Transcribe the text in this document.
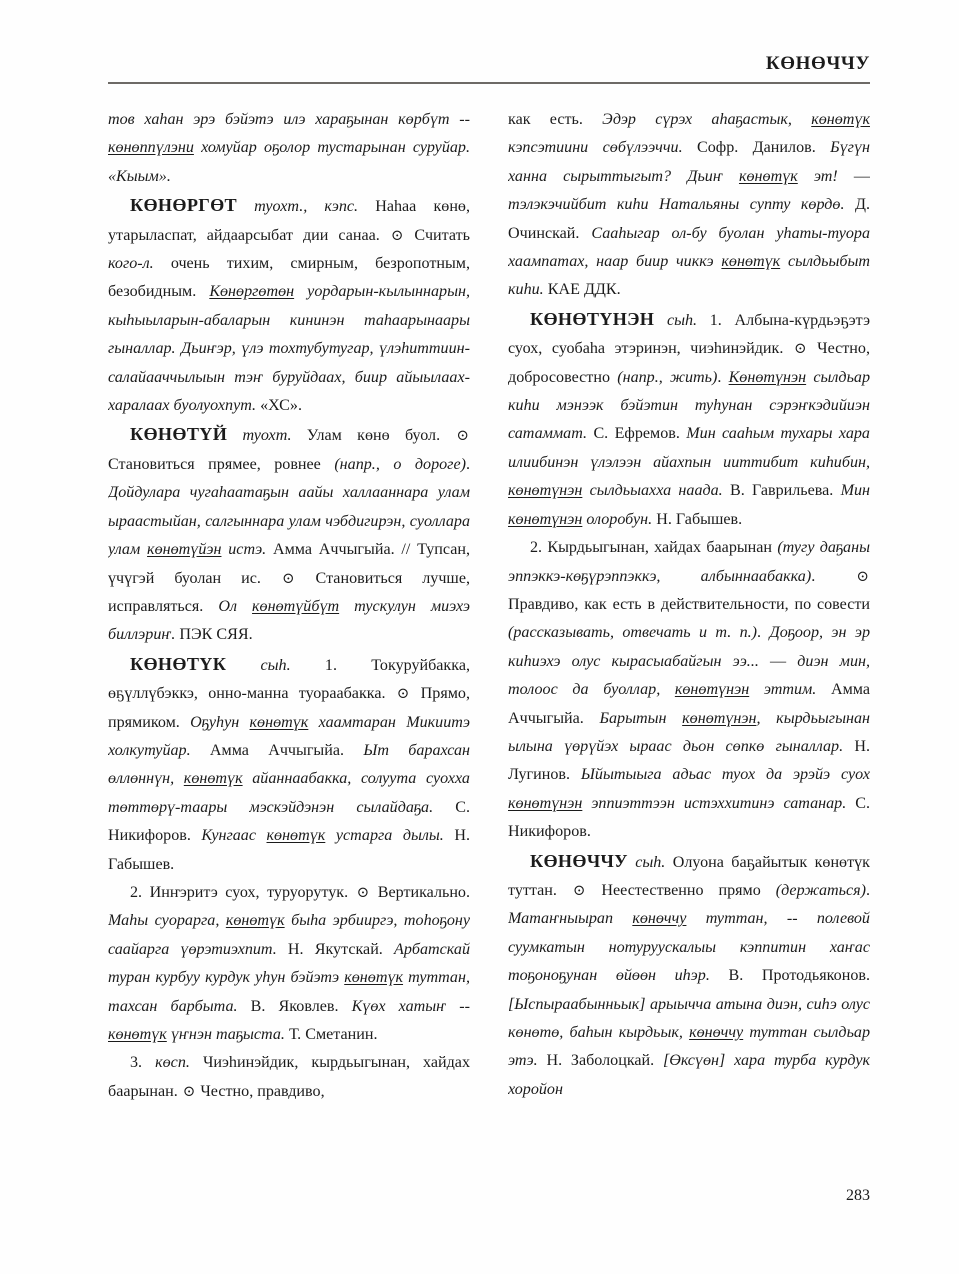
КӨНӨЧЧУ

тов хаһан эрэ бэйэтэ илэ хараҕынан көрбүт -- көнөппүлэни хомуйар оҕолор тустарынан суруйар. «Кыым».

КӨНӨРГӨТ туохт., кэпс. Haһaa көнө, утарыласпат, айдаарсыбат дии санаа. ⊙ Считать кого-л. очень тихим, смирным, безропотным, безобидным. Көнөргөтөн уордарын-кылыннарын, кыһыыларын-абаларын кининэн таһаарынаары гыналлар. Дьиҥэр, үлэ тохтубутугар, үлэһиттиин-салайааччылыын тэҥ буруйдаах, биир айыылаах-харалаах буолуохпут. «ХС».

КӨНӨТҮЙ туохт. Улам көнө буол. ⊙ Становиться прямее, ровнее (напр., о дороге). Дойдулара чугаһаатаҕын аайы халлааннара улам ыраастыйан, салгыннара улам чэбдигирэн, суоллара улам көнөтүйэн истэ. Амма Аччыгыйа. // Тупсан, үчүгэй буолан ис. ⊙ Становиться лучше, исправляться. Ол көнөтүйбүт тускулун миэхэ биллэриҥ. ПЭК СЯЯ.

КӨНӨТҮК сыһ. 1. Токуруйбакка, өҕүллүбэккэ, онно-манна туораабакка. ⊙ Прямо, прямиком. Оҕуһун көнөтүк хаамтаран Микиитэ холкутуйар. Амма Аччыгыйа. Ыт барахсан өллөннүн, көнөтүк айаннаабакка, солуута суохха төттөрү-таары мэскэйдэнэн сылайдаҕа. С. Никифоров. Кунгаас көнөтүк устарга дылы. Н. Габышев.

2. Инҥэритэ суох, туруорутук. ⊙ Вертикально. Маһы суорарга, көнөтүк быһа эрбииргэ, тоһоҕону саайарга үөрэтиэхпит. Н. Якутскай. Арбатскай туран курбуу курдук уһун бэйэтэ көнөтүк туттан, тахсан барбыта. В. Яковлев. Күөх хатыҥ -- көнөтүк үҥнэн таҕыста. Т. Сметанин.

3. көсп. Чиэһинэйдик, кырдьыгынан, хайдах баарынан. ⊙ Честно, правдиво,

как есть. Эдэр сүрэх аһаҕастык, көнөтүк кэпсэтиини сөбүлээччи. Софр. Данилов. Бүгүн ханна сырыттыгыт? Дьиҥ көнөтүк эт! — тэлэкэчийбит киһи Натальяны супту көрдө. Д. Очинскай. Сааһыгар ол-бу буолан уһаты-туора хаампатах, наар биир чиккэ көнөтүк сылдьыбыт киһи. КАЕ ДДК.

КӨНӨТҮНЭН сыһ. 1. Албына-күрдьэҕэтэ суох, суобаһа этэринэн, чиэһинэйдик. ⊙ Честно, добросовестно (напр., жить). Көнөтүнэн сылдьар киһи мэнээк бэйэтин туһунан сэрэҥкэдийиэн сатаммат. С. Ефремов. Мин сааһым тухары хара илиибинэн үлэлээн айахпын ииттибит киһибин, көнөтүнэн сылдьыахха наада. В. Гаврильева. Мин көнөтүнэн олоробун. Н. Габышев.

2. Кырдьыгынан, хайдах баарынан (тугу даҕаны эппэккэ-көҕүрэппэккэ, албыннаабакка). ⊙ Правдиво, как есть в действительности, по совести (рассказывать, отвечать и т. п.). Доҕоор, эн эр киһиэхэ олус кырасыабайгын ээ... — диэн мин, толоос да буоллар, көнөтүнэн эттим. Амма Аччыгыйа. Барытын көнөтүнэн, кырдьыгынан ылына үөрүйэх ыраас дьон сөпкө гыналлар. Н. Лугинов. Ыйытыыга адьас туох да эрэйэ суох көнөтүнэн эппиэттээн истэххитинэ сатанар. С. Никифоров.

КӨНӨЧЧУ сыһ. Олуона баҕайытык көнөтүк туттан. ⊙ Неестественно прямо (держаться). Матаҥныырап көнөччу туттан, -- полевой суумкатын нотуруускалыы кэппитин хаҥас тоҕоноҕунан өйөөн иһэр. В. Протодьяконов. [Ыспыраабынньык] арыычча атына диэн, сиһэ олус көнөтө, баһын кырдьык, көнөччу туттан сылдьар этэ. Н. Заболоцкай. [Өксүөн] хара турба курдук хоройон

283
